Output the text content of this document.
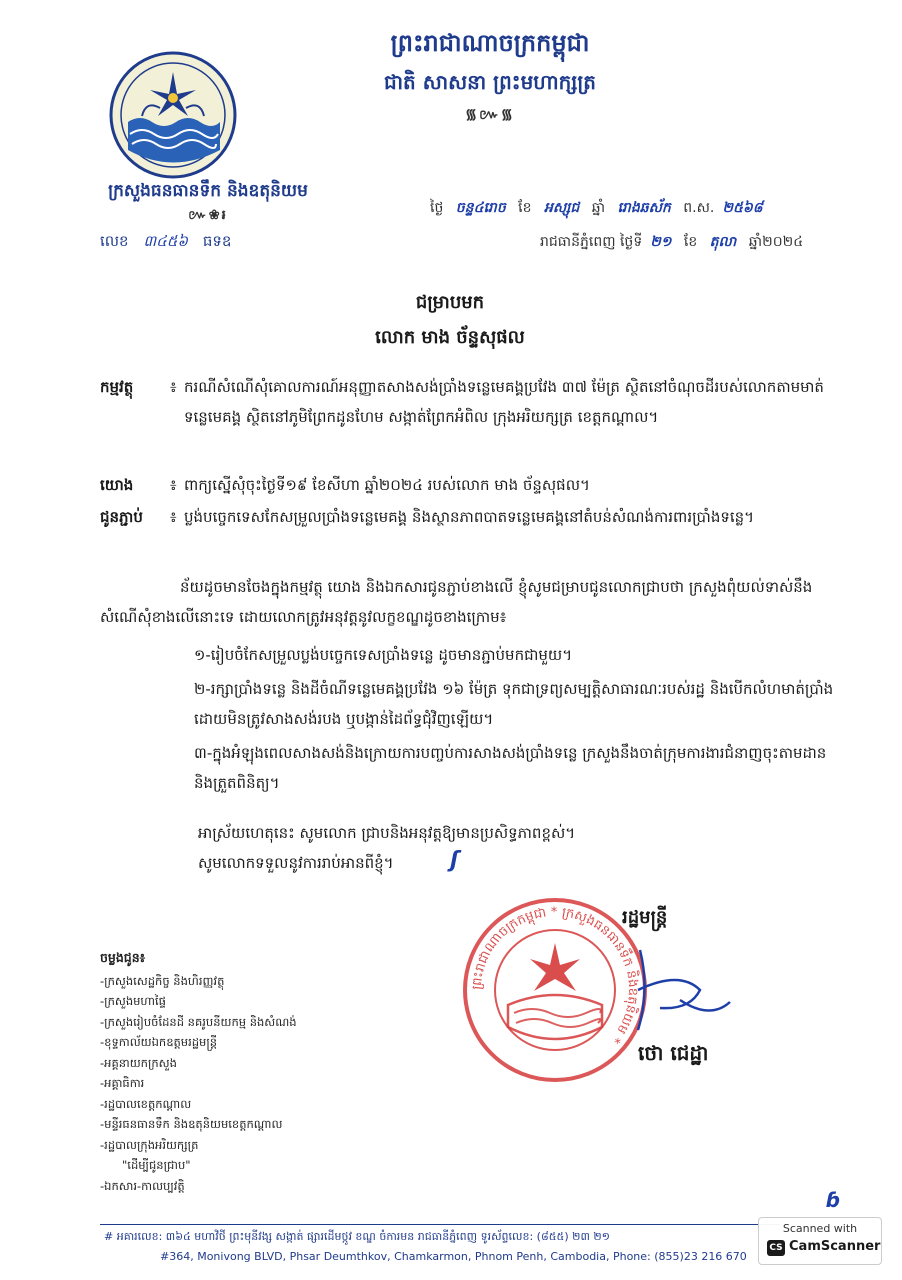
ព្រះរាជាណាចក្រកម្ពុជា
ជាតិ សាសនា ព្រះមហាក្សត្រ
᯾៚᯾
ក្រសួងធនធានទឹក និងឧតុនិយម
៚❀៛
លេខ ៣៤៥៦ ធទឧ
ថ្ងៃ ចន្ទ៤រោច ខែ អស្សុជ ឆ្នាំ រោងឆស័ក ព.ស. ២៥៦៨
រាជធានីភ្នំពេញ ថ្ងៃទី ២១ ខែ តុលា ឆ្នាំ២០២៤
ជម្រាបមក
លោក មាង ច័ន្ទសុផល
កម្មវត្ថុ ៖ ករណីសំណើសុំគោលការណ៍អនុញ្ញាតសាងសង់ប្រាំងទន្លេមេគង្គប្រវែង ៣៧ ម៉ែត្រ ស្ថិតនៅចំណុចដីរបស់លោកតាមមាត់ទន្លេមេគង្គ ស្ថិតនៅភូមិព្រែកដូនហែម សង្កាត់ព្រែកអំពិល ក្រុងអរិយក្សត្រ ខេត្តកណ្ដាល។
យោង ៖ ពាក្យស្នើសុំចុះថ្ងៃទី១៩ ខែសីហា ឆ្នាំ២០២៤ របស់លោក មាង ច័ន្ទសុផល។
ជូនភ្ជាប់ ៖ ប្លង់បច្ចេកទេសកែសម្រួលប្រាំងទន្លេមេគង្គ និងស្ថានភាពបាតទន្លេមេគង្គនៅតំបន់សំណង់ការពារប្រាំងទន្លេ។
ន័យដូចមានចែងក្នុងកម្មវត្ថុ យោង និងឯកសារជូនភ្ជាប់ខាងលើ ខ្ញុំសូមជម្រាបជូនលោកជ្រាបថា ក្រសួងពុំយល់ទាស់នឹងសំណើសុំខាងលើនោះទេ ដោយលោកត្រូវអនុវត្តនូវលក្ខខណ្ឌដូចខាងក្រោម៖
១-រៀបចំកែសម្រួលប្លង់បច្ចេកទេសប្រាំងទន្លេ ដូចមានភ្ជាប់មកជាមួយ។
២-រក្សាប្រាំងទន្លេ និងដីចំណីទន្លេមេគង្គប្រវែង ១៦ ម៉ែត្រ ទុកជាទ្រព្យសម្បត្តិសាធារណៈរបស់រដ្ឋ និងបើកលំហមាត់ប្រាំងដោយមិនត្រូវសាងសង់របង ឬបង្កាន់ដៃព័ទ្ធជុំវិញឡើយ។
៣-ក្នុងអំឡុងពេលសាងសង់និងក្រោយការបញ្ចប់ការសាងសង់ប្រាំងទន្លេ ក្រសួងនឹងចាត់ក្រុមការងារជំនាញចុះតាមដាននិងត្រួតពិនិត្យ។
អាស្រ័យហេតុនេះ សូមលោក ជ្រាបនិងអនុវត្តឱ្យមានប្រសិទ្ធភាពខ្ពស់។
សូមលោកទទួលនូវការរាប់អានពីខ្ញុំ។	ʃ
ព្រះរាជាណាចក្រកម្ពុជា * ក្រសួងធនធានទឹក និងឧតុនិយម *
រដ្ឋមន្ត្រី
ថោ ជេដ្ឋា
ចម្លងជូន៖
-ក្រសួងសេដ្ឋកិច្ច និងហិរញ្ញវត្ថុ
-ក្រសួងមហាផ្ទៃ
-ក្រសួងរៀបចំដែនដី នគរូបនីយកម្ម និងសំណង់
-ខុទ្ទកាល័យឯកឧត្តមរដ្ឋមន្ត្រី
-អគ្គនាយកក្រសួង
-អគ្គាធិការ
-រដ្ឋបាលខេត្តកណ្ដាល
-មន្ទីរធនធានទឹក និងឧតុនិយមខេត្តកណ្ដាល
-រដ្ឋបាលក្រុងអរិយក្សត្រ
"ដើម្បីជូនជ្រាប"
-ឯកសារ-កាលប្បវត្តិ
# អគារលេខ: ៣៦៤ មហាវិថី ព្រះមុនីវង្ស សង្កាត់ ផ្សារដើមថ្កូវ ខណ្ឌ ចំការមន រាជធានីភ្នំពេញ ទូរស័ព្ទលេខ: (៨៥៥) ២៣ ២១
#364, Monivong BLVD, Phsar Deumthkov, Chamkarmon, Phnom Penh, Cambodia, Phone: (855)23 216 670
ɓ
Scanned with
CS CamScanner
